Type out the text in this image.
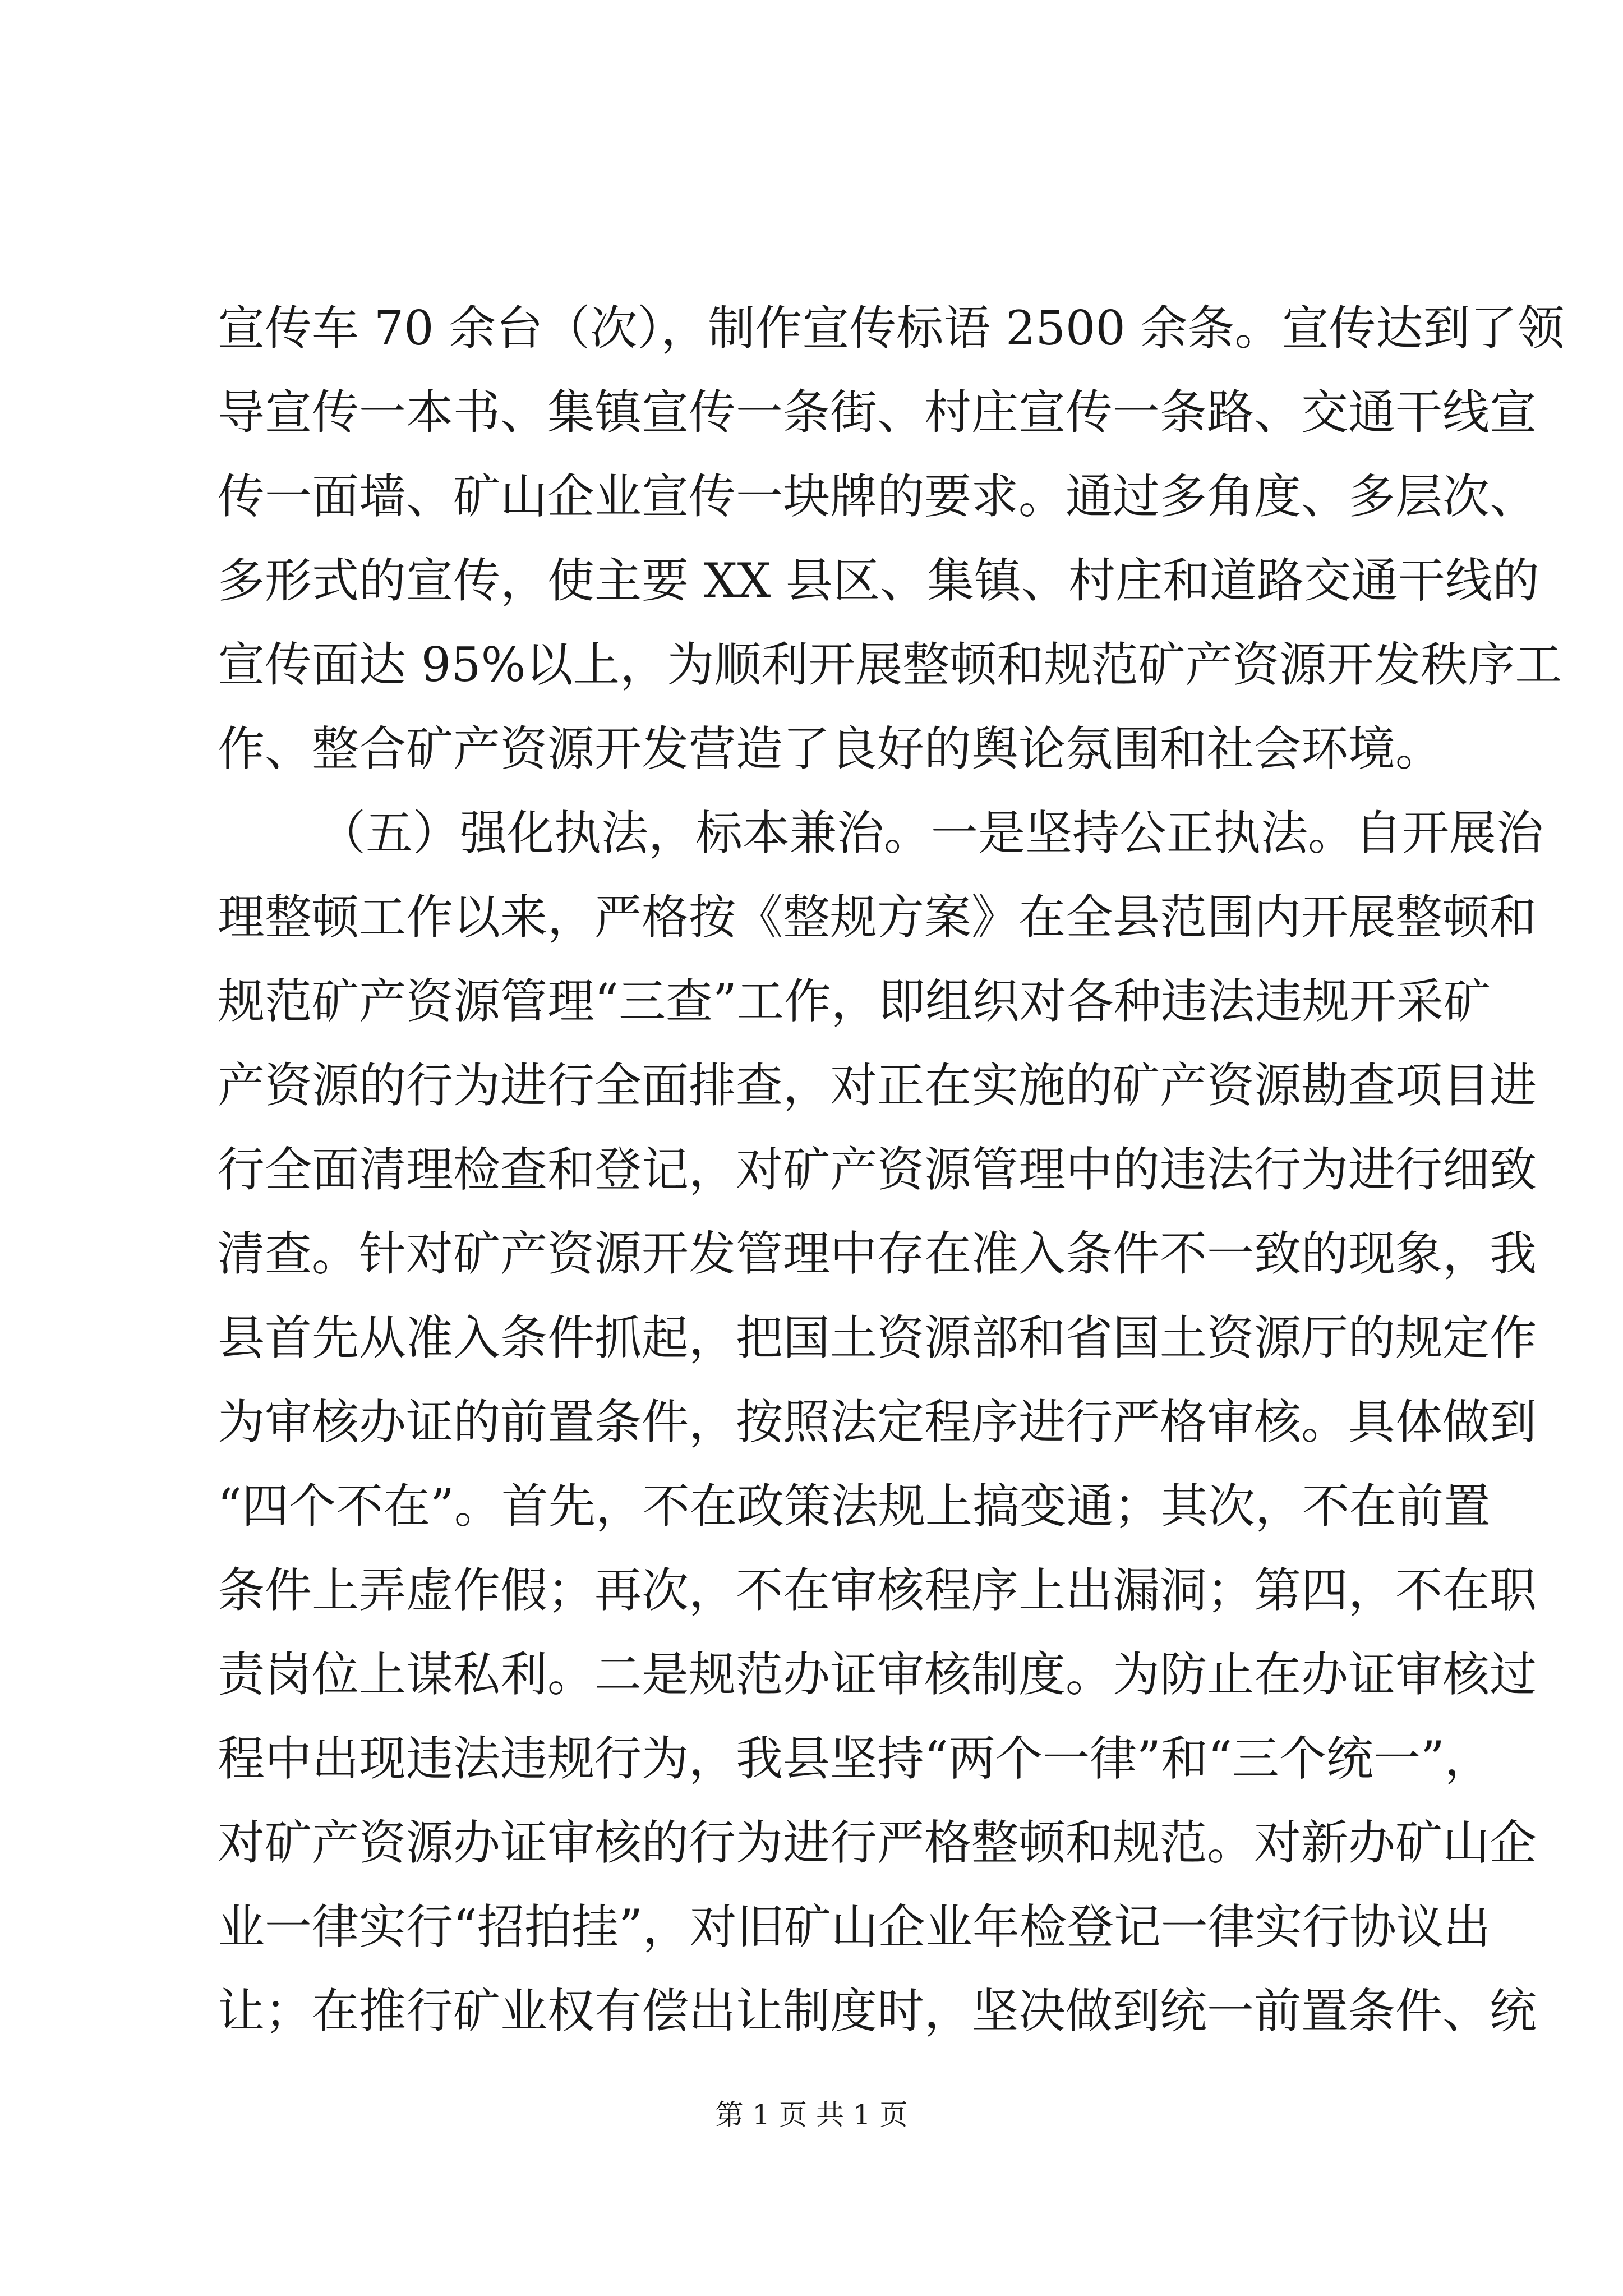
宣传车 70 余台（次），制作宣传标语 2500 余条。宣传达到了领
导宣传一本书、集镇宣传一条街、村庄宣传一条路、交通干线宣
传一面墙、矿山企业宣传一块牌的要求。通过多角度、多层次、
多形式的宣传，使主要 XX 县区、集镇、村庄和道路交通干线的
宣传面达 95%以上，为顺利开展整顿和规范矿产资源开发秩序工
作、整合矿产资源开发营造了良好的舆论氛围和社会环境。
（五）强化执法，标本兼治。一是坚持公正执法。自开展治
理整顿工作以来，严格按《整规方案》在全县范围内开展整顿和
规范矿产资源管理“三查”工作，即组织对各种违法违规开采矿
产资源的行为进行全面排查，对正在实施的矿产资源勘查项目进
行全面清理检查和登记，对矿产资源管理中的违法行为进行细致
清查。针对矿产资源开发管理中存在准入条件不一致的现象，我
县首先从准入条件抓起，把国土资源部和省国土资源厅的规定作
为审核办证的前置条件，按照法定程序进行严格审核。具体做到
“四个不在”。首先，不在政策法规上搞变通；其次，不在前置
条件上弄虚作假；再次，不在审核程序上出漏洞；第四，不在职
责岗位上谋私利。二是规范办证审核制度。为防止在办证审核过
程中出现违法违规行为，我县坚持“两个一律”和“三个统一”，
对矿产资源办证审核的行为进行严格整顿和规范。对新办矿山企
业一律实行“招拍挂”，对旧矿山企业年检登记一律实行协议出
让；在推行矿业权有偿出让制度时，坚决做到统一前置条件、统
第 1 页 共 1 页
